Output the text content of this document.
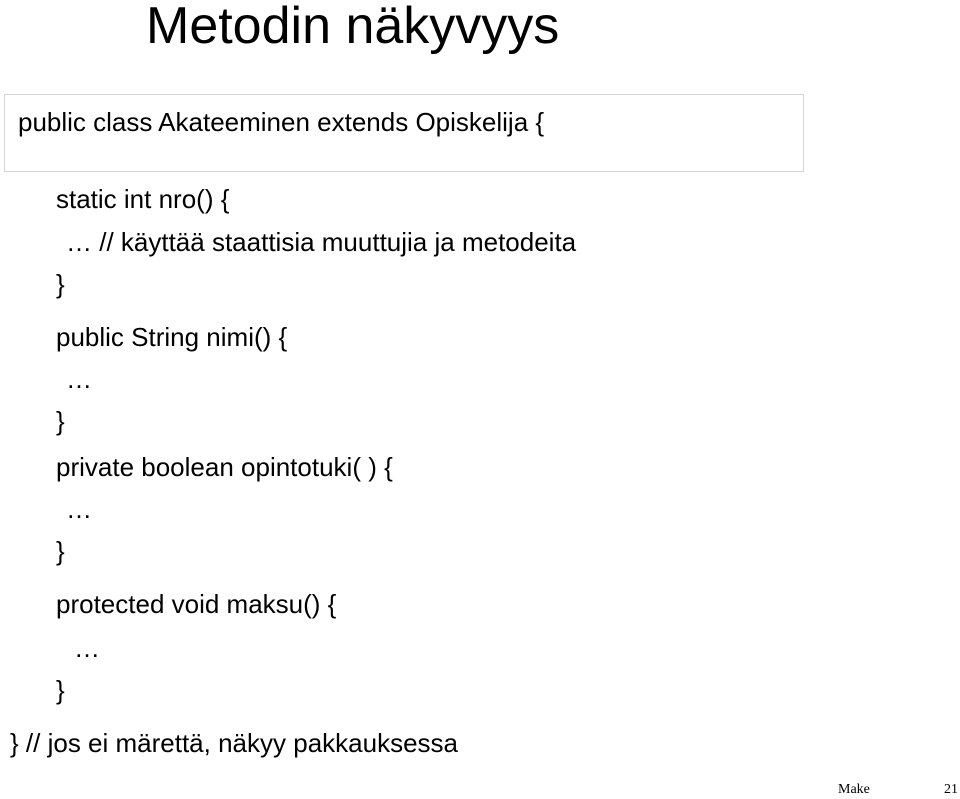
Metodin näkyvyys
public class Akateeminen extends Opiskelija {
static int nro() {
… // käyttää staattisia muuttujia ja metodeita
}
public String nimi() {
…
}
private boolean opintotuki( ) {
…
}
protected void maksu() {
…
}
} // jos ei märettä, näkyy pakkauksessa
Make	21
